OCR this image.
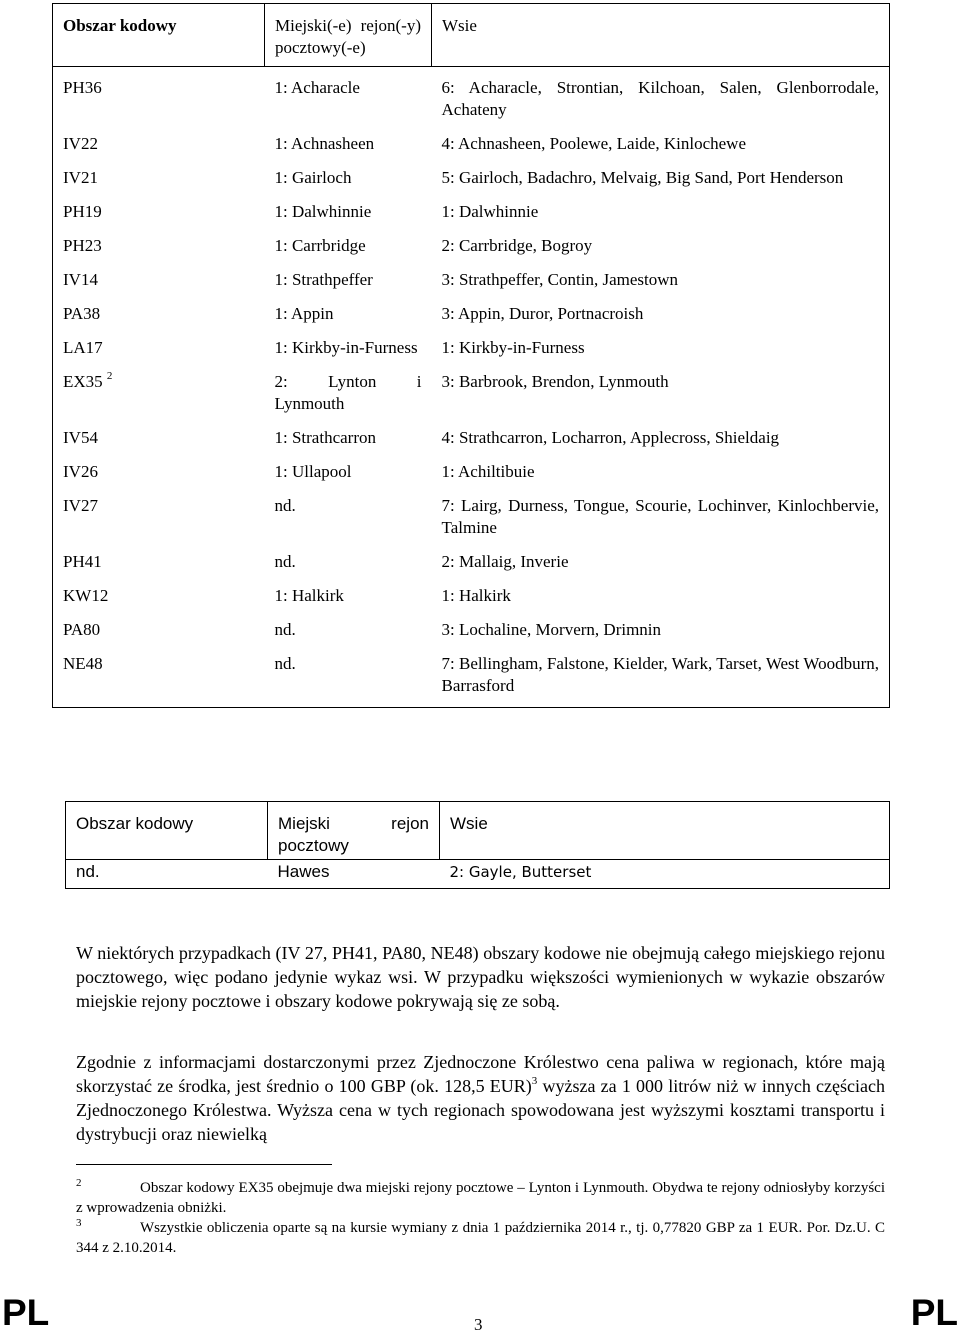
Obszar kodowy	Miejski(-e) rejon(-y) pocztowy(-e)	Wsie
PH36	1: Acharacle	6: Acharacle, Strontian, Kilchoan, Salen, Glenborrodale, Achateny
IV22	1: Achnasheen	4: Achnasheen, Poolewe, Laide, Kinlochewe
IV21	1: Gairloch	5: Gairloch, Badachro, Melvaig, Big Sand, Port Henderson
PH19	1: Dalwhinnie	1: Dalwhinnie
PH23	1: Carrbridge	2: Carrbridge, Bogroy
IV14	1: Strathpeffer	3: Strathpeffer, Contin, Jamestown
PA38	1: Appin	3: Appin, Duror, Portnacroish
LA17	1: Kirkby-in-Furness	1: Kirkby-in-Furness
EX35 $^2$	2: Lynton i Lynmouth	3: Barbrook, Brendon, Lynmouth
IV54	1: Strathcarron	4: Strathcarron, Locharron, Applecross, Shieldaig
IV26	1: Ullapool	1: Achiltibuie
IV27	nd.	7: Lairg, Durness, Tongue, Scourie, Lochinver, Kinlochbervie, Talmine
PH41	nd.	2: Mallaig, Inverie
KW12	1: Halkirk	1: Halkirk
PA80	nd.	3: Lochaline, Morvern, Drimnin
NE48	nd.	7: Bellingham, Falstone, Kielder, Wark, Tarset, West Woodburn, Barrasford
Obszar kodowy	Miejski rejon pocztowy	Wsie
nd.	Hawes	2: Gayle, Butterset

W niektórych przypadkach (IV 27, PH41, PA80, NE48) obszary kodowe nie obejmują całego miejskiego rejonu pocztowego, więc podano jedynie wykaz wsi. W przypadku większości wymienionych w wykazie obszarów miejskie rejony pocztowe i obszary kodowe pokrywają się ze sobą.

Zgodnie z informacjami dostarczonymi przez Zjednoczone Królestwo cena paliwa w regionach, które mają skorzystać ze środka, jest średnio o 100 GBP (ok. 128,5 EUR)$^3$ wyższa za 1 000 litrów niż w innych częściach Zjednoczonego Królestwa. Wyższa cena w tych regionach spowodowana jest wyższymi kosztami transportu i dystrybucji oraz niewielką

2	Obszar kodowy EX35 obejmuje dwa miejski rejony pocztowe – Lynton i Lynmouth. Obydwa te rejony odniosłyby korzyści z wprowadzenia obniżki.

3	Wszystkie obliczenia oparte są na kursie wymiany z dnia 1 października 2014 r., tj. 0,77820 GBP za 1 EUR. Por. Dz.U. C 344 z 2.10.2014.

PL	3	PL
